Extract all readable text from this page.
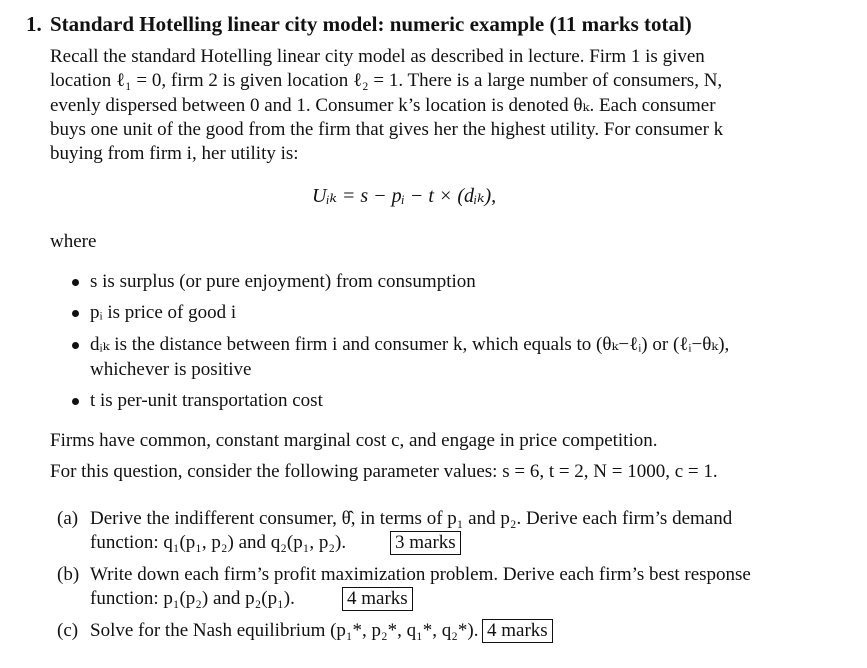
1. Standard Hotelling linear city model: numeric example (11 marks total)
Recall the standard Hotelling linear city model as described in lecture. Firm 1 is given
location ℓ₁ = 0, firm 2 is given location ℓ₂ = 1. There is a large number of consumers, N,
evenly dispersed between 0 and 1. Consumer k’s location is denoted θₖ. Each consumer
buys one unit of the good from the firm that gives her the highest utility. For consumer k
buying from firm i, her utility is:
Uᵢₖ = s − pᵢ − t × (dᵢₖ),
where
s is surplus (or pure enjoyment) from consumption
pᵢ is price of good i
dᵢₖ is the distance between firm i and consumer k, which equals to (θₖ−ℓᵢ) or (ℓᵢ−θₖ),
whichever is positive
t is per-unit transportation cost
Firms have common, constant marginal cost c, and engage in price competition.
For this question, consider the following parameter values: s = 6, t = 2, N = 1000, c = 1.
(a) Derive the indifferent consumer, θ̂, in terms of p₁ and p₂. Derive each firm’s demand
function: q₁(p₁, p₂) and q₂(p₁, p₂).	3 marks
(b) Write down each firm’s profit maximization problem. Derive each firm’s best response
function: p₁(p₂) and p₂(p₁).	4 marks
(c) Solve for the Nash equilibrium (p₁*, p₂*, q₁*, q₂*). 4 marks
